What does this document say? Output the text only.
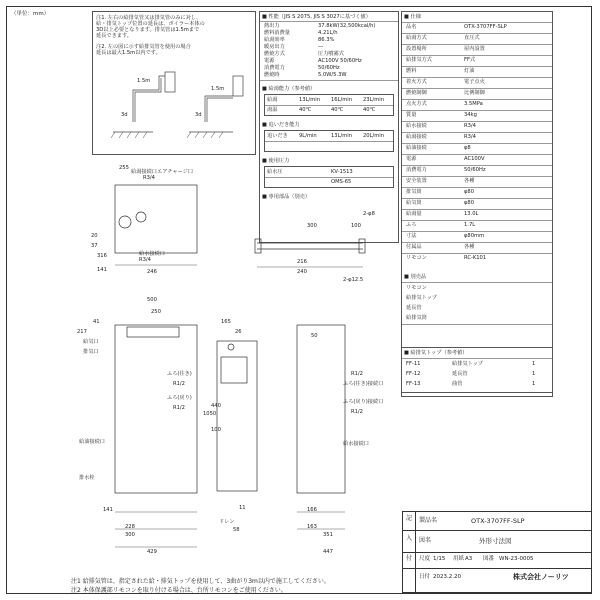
（単位：mm）
注1. 左右の給排気管又は排気管のみに対し、
給・排気トップ位置の延長は、ボイラー本体の
3D以上必要となります。排気管は1.5mまで
延長できます。
注2. 左の図に示す給排気管を使用の場合
延長は最大1.5m以内です。
3d	3d
1.5m
1.5m
■ 性能（JIS S 2075, JIS S 3027に基づく値）
熱出力	37.8kW(32,500kcal/h)
燃料消費量	4.21L/h
給湯効率	86.3%
暖房出力	—
燃焼方式	圧力噴霧式
電源	AC100V 50/60Hz
消費電力	50/60Hz
燃焼時	5.0W/5.3W
■ 給湯能力（参考値）
給湯	13L/min 16L/min 23L/min
湯温	40℃	40℃	40℃
■ 追いだき能力
追いだき 9L/min	13L/min 20L/min
■ 使用圧力
給水圧	KV-1513
OMS-65
■ 専用部品（別売）
■ 仕様
品名	OTX-3707FF-SLP
給湯方式	直圧式
設置場所	屋内設置
給排気方式	FF式
燃料	灯油
着火方式	電子点火
燃焼制御	比例制御
点火方式	3.5MPa
質量	34kg
給水接続	R3/4
給湯接続	R3/4
給油接続	φ8
電源	AC100V
消費電力	50/60Hz
安全装置	各種
排気筒	φ80
給気筒	φ80
給湯量	13.0L
ふろ	1.7L
寸法	φ80mm
付属品	各種
リモコン	RC-K101
■ 別売品
リモコン
給排気トップ
延長管
給排気筒
■ 給排気トップ（参考値）
FF-11	給排気トップ	1
FF-12	延長管	1
FF-13	曲管	1
255
給湯接続口
R3/4
エアチャージ口
給水接続口
R3/4
20
37
316
141	246
500
250
41
217
給気口
排気口
ふろ(往き)
ふろ(戻り)
R1/2
R1/2
給油接続口
排水栓
141
228
300
429
1050
165
26
440
100
11
ドレン
58
R1/2
ふろ(往き)接続口
ふろ(戻り)接続口
R1/2
給水接続口
166
163
351
447
50
2-φ8
300	100
216
240
2-φ12.5
注1 給排気管は、指定された給・排気トップを使用して、3曲がり3m以内で施工してください。
注2 本体保護部リモコンを取り付ける場合は、台所リモコンをご使用ください。
記
入
付
製品名	OTX-3707FF-SLP
図名	外形寸法図
尺度 1/15 用紙 A3 図番 WN-23-0005
日付 2023.2.20	株式会社ノーリツ
